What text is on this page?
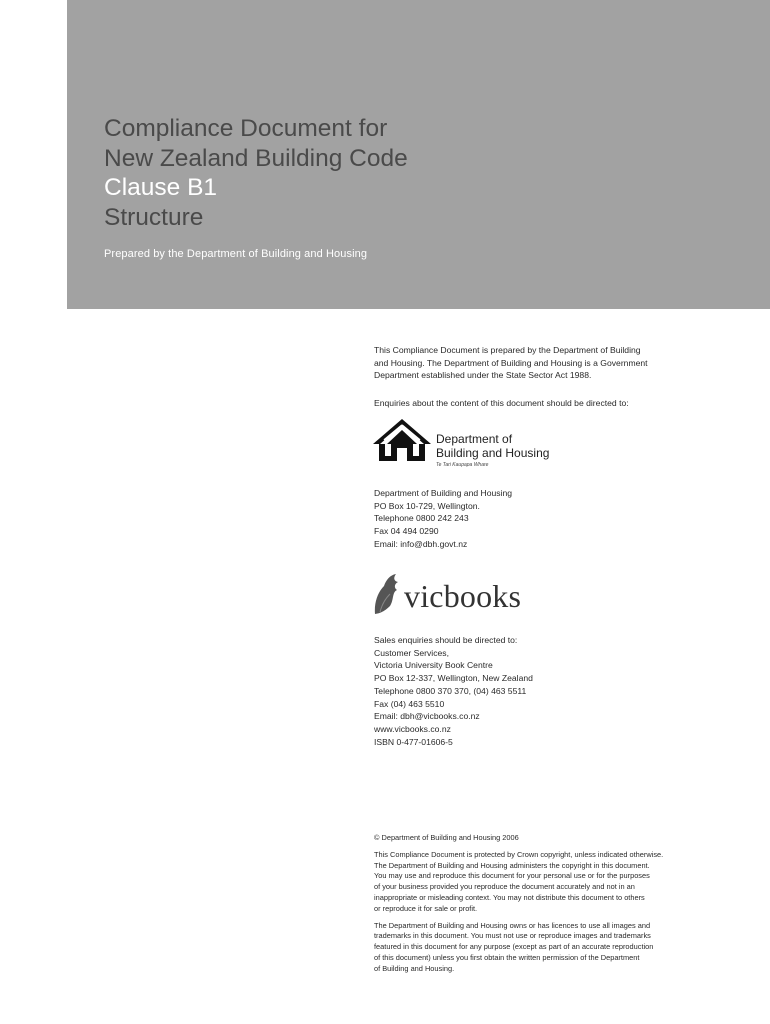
Compliance Document for
New Zealand Building Code
Clause B1
Structure
Prepared by the Department of Building and Housing
This Compliance Document is prepared by the Department of Building
and Housing. The Department of Building and Housing is a Government
Department established under the State Sector Act 1988.
Enquiries about the content of this document should be directed to:
Department of
Building and Housing
Te Tari Kaupapa Whare
Department of Building and Housing
PO Box 10-729, Wellington.
Telephone 0800 242 243
Fax 04 494 0290
Email: info@dbh.govt.nz
vicbooks
Sales enquiries should be directed to:
Customer Services,
Victoria University Book Centre
PO Box 12-337, Wellington, New Zealand
Telephone 0800 370 370, (04) 463 5511
Fax (04) 463 5510
Email: dbh@vicbooks.co.nz
www.vicbooks.co.nz
ISBN 0-477-01606-5
© Department of Building and Housing 2006
This Compliance Document is protected by Crown copyright, unless indicated otherwise.
The Department of Building and Housing administers the copyright in this document.
You may use and reproduce this document for your personal use or for the purposes
of your business provided you reproduce the document accurately and not in an
inappropriate or misleading context. You may not distribute this document to others
or reproduce it for sale or profit.
The Department of Building and Housing owns or has licences to use all images and
trademarks in this document. You must not use or reproduce images and trademarks
featured in this document for any purpose (except as part of an accurate reproduction
of this document) unless you first obtain the written permission of the Department
of Building and Housing.
